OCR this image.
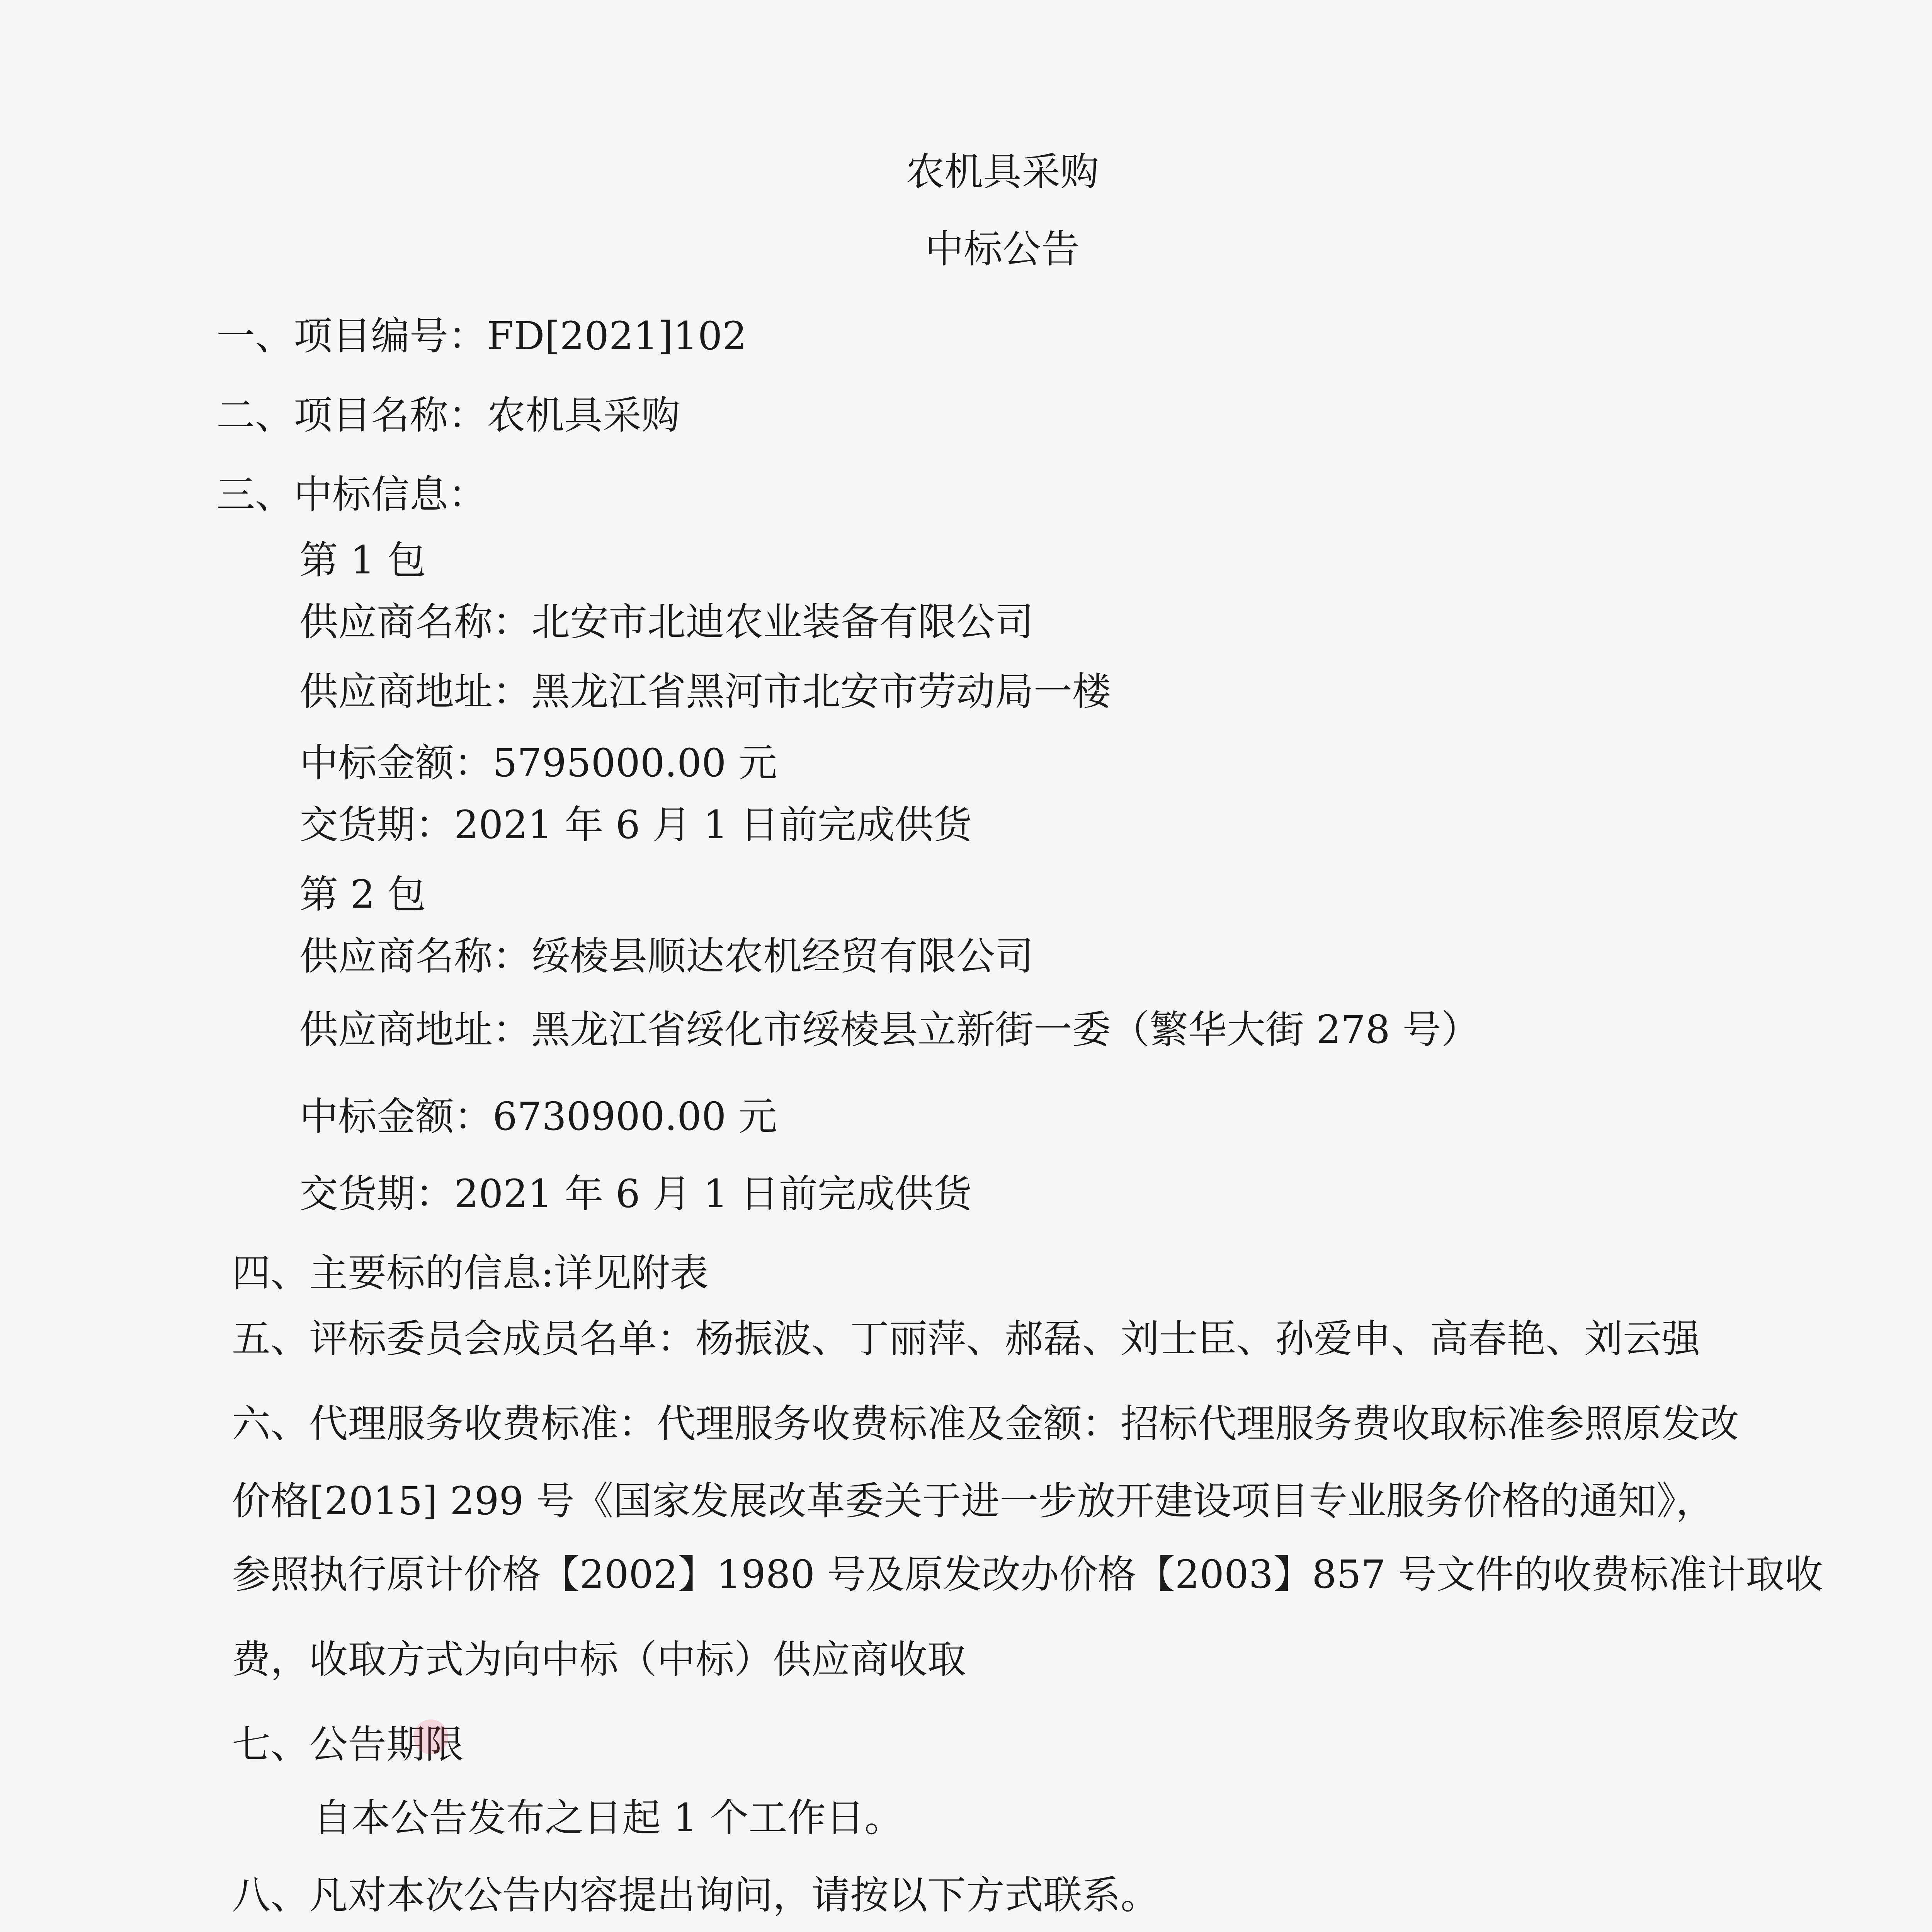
农机具采购
中标公告
一、项目编号：FD[2021]102
二、项目名称：农机具采购
三、中标信息：
第 1 包
供应商名称：北安市北迪农业装备有限公司
供应商地址：黑龙江省黑河市北安市劳动局一楼
中标金额：5795000.00 元
交货期：2021 年 6 月 1 日前完成供货
第 2 包
供应商名称：绥棱县顺达农机经贸有限公司
供应商地址：黑龙江省绥化市绥棱县立新街一委（繁华大街 278 号）
中标金额：6730900.00 元
交货期：2021 年 6 月 1 日前完成供货
四、主要标的信息:详见附表
五、评标委员会成员名单：杨振波、丁丽萍、郝磊、刘士臣、孙爱申、高春艳、刘云强
六、代理服务收费标准：代理服务收费标准及金额：招标代理服务费收取标准参照原发改
价格[2015] 299 号《国家发展改革委关于进一步放开建设项目专业服务价格的通知》，
参照执行原计价格【2002】1980 号及原发改办价格【2003】857 号文件的收费标准计取收
费，收取方式为向中标（中标）供应商收取
七、公告期限
自本公告发布之日起 1 个工作日。
八、凡对本次公告内容提出询问，请按以下方式联系。
